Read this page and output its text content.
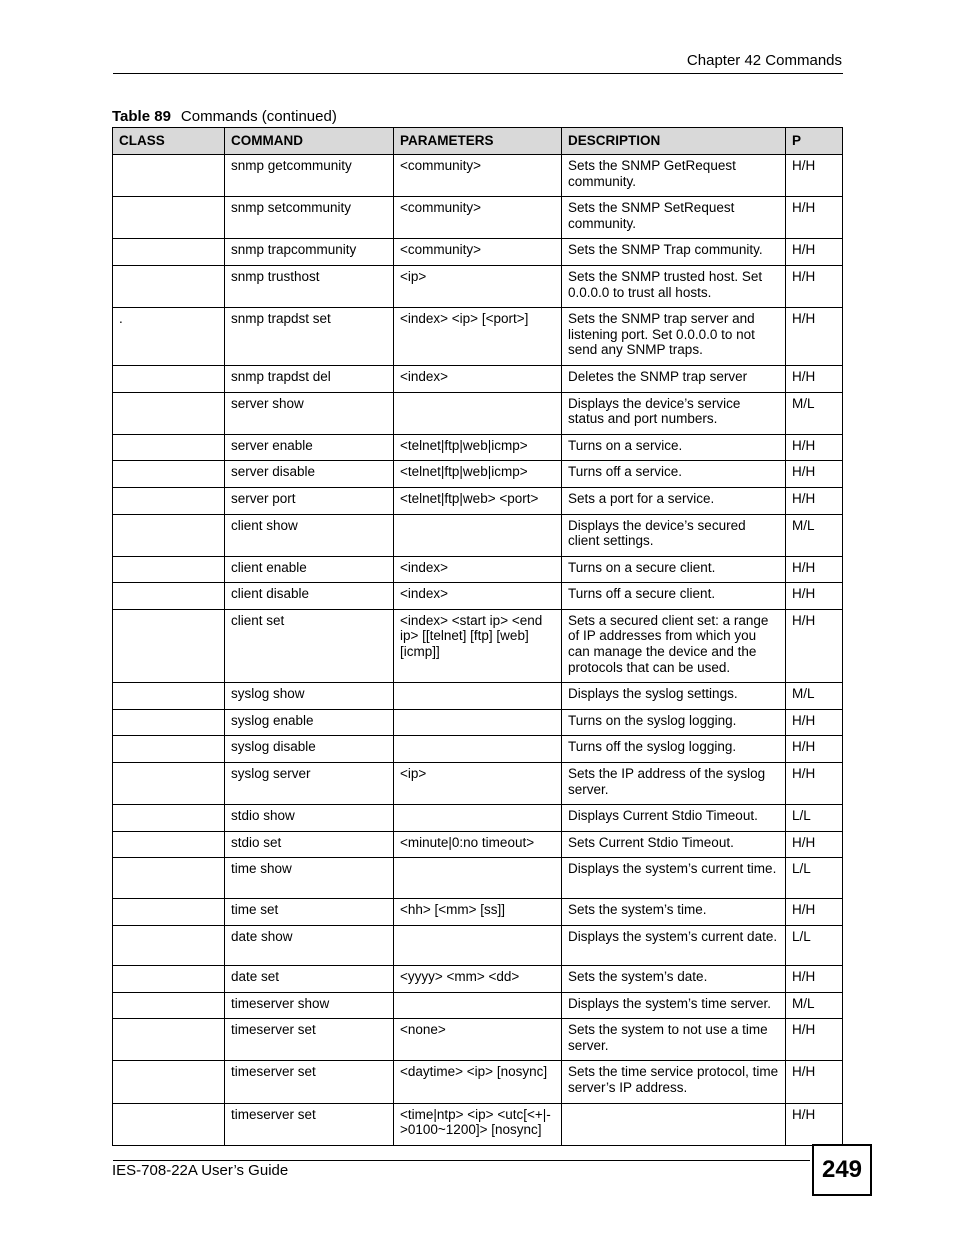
Chapter 42 Commands
Table 89 Commands (continued)
CLASS	COMMAND	PARAMETERS	DESCRIPTION	P
	snmp getcommunity	<community>	Sets the SNMP GetRequest community.	H/H
	snmp setcommunity	<community>	Sets the SNMP SetRequest community.	H/H
	snmp trapcommunity	<community>	Sets the SNMP Trap community.	H/H
	snmp trusthost	<ip>	Sets the SNMP trusted host. Set 0.0.0.0 to trust all hosts.	H/H
.	snmp trapdst set	<index> <ip> [<port>]	Sets the SNMP trap server and listening port. Set 0.0.0.0 to not send any SNMP traps.	H/H
	snmp trapdst del	<index>	Deletes the SNMP trap server	H/H
	server show		Displays the device’s service status and port numbers.	M/L
	server enable	<telnet|ftp|web|icmp>	Turns on a service.	H/H
	server disable	<telnet|ftp|web|icmp>	Turns off a service.	H/H
	server port	<telnet|ftp|web> <port>	Sets a port for a service.	H/H
	client show		Displays the device’s secured client settings.	M/L
	client enable	<index>	Turns on a secure client.	H/H
	client disable	<index>	Turns off a secure client.	H/H
	client set	<index> <start ip> <end ip> [[telnet] [ftp] [web] [icmp]]	Sets a secured client set: a range of IP addresses from which you can manage the device and the protocols that can be used.	H/H
	syslog show		Displays the syslog settings.	M/L
	syslog enable		Turns on the syslog logging.	H/H
	syslog disable		Turns off the syslog logging.	H/H
	syslog server	<ip>	Sets the IP address of the syslog server.	H/H
	stdio show		Displays Current Stdio Timeout.	L/L
	stdio set	<minute|0:no timeout>	Sets Current Stdio Timeout.	H/H
	time show		Displays the system’s current time.	L/L
	time set	<hh> [<mm> [ss]]	Sets the system’s time.	H/H
	date show		Displays the system’s current date.	L/L
	date set	<yyyy> <mm> <dd>	Sets the system’s date.	H/H
	timeserver show		Displays the system’s time server.	M/L
	timeserver set	<none>	Sets the system to not use a time server.	H/H
	timeserver set	<daytime> <ip> [nosync]	Sets the time service protocol, time server’s IP address.	H/H
	timeserver set	<time|ntp> <ip> <utc[<+|->0100~1200]> [nosync]		H/H
IES-708-22A User’s Guide	249
